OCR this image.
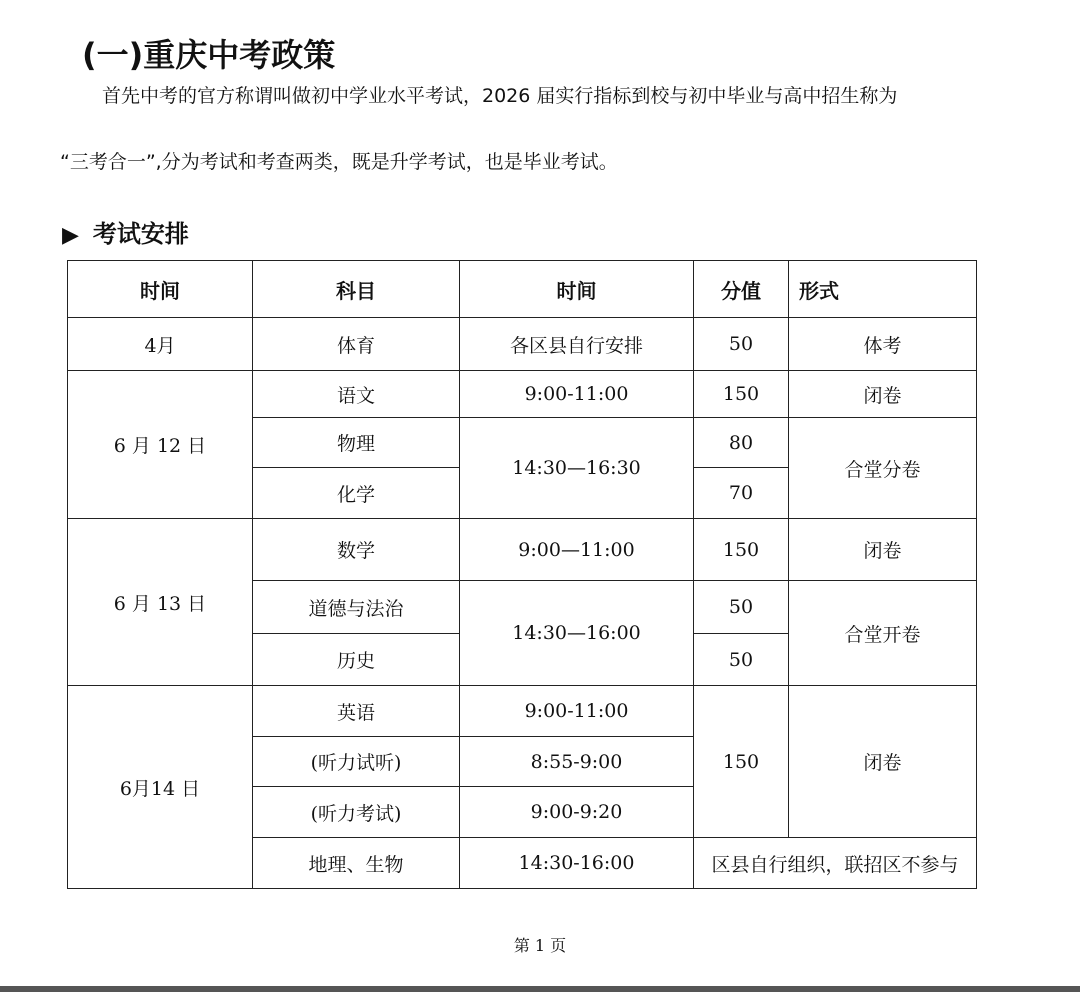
(一)重庆中考政策
首先中考的官方称谓叫做初中学业水平考试，2026 届实行指标到校与初中毕业与高中招生称为
“三考合一”,分为考试和考查两类，既是升学考试，也是毕业考试。
▶ 考试安排
时间	科目	时间	分值	形式
4月	体育	各区县自行安排	50	体考
6 月 12 日	语文	9:00-11:00	150	闭卷
	物理	14:30—16:30	80	合堂分卷
	化学		70	
6 月 13 日	数学	9:00—11:00	150	闭卷
	道德与法治	14:30—16:00	50	合堂开卷
	历史		50	
6月14 日	英语	9:00-11:00	150	闭卷
	(听力试听)	8:55-9:00		
	(听力考试)	9:00-9:20		
	地理、生物	14:30-16:00	区县自行组织，联招区不参与	
第 1 页
